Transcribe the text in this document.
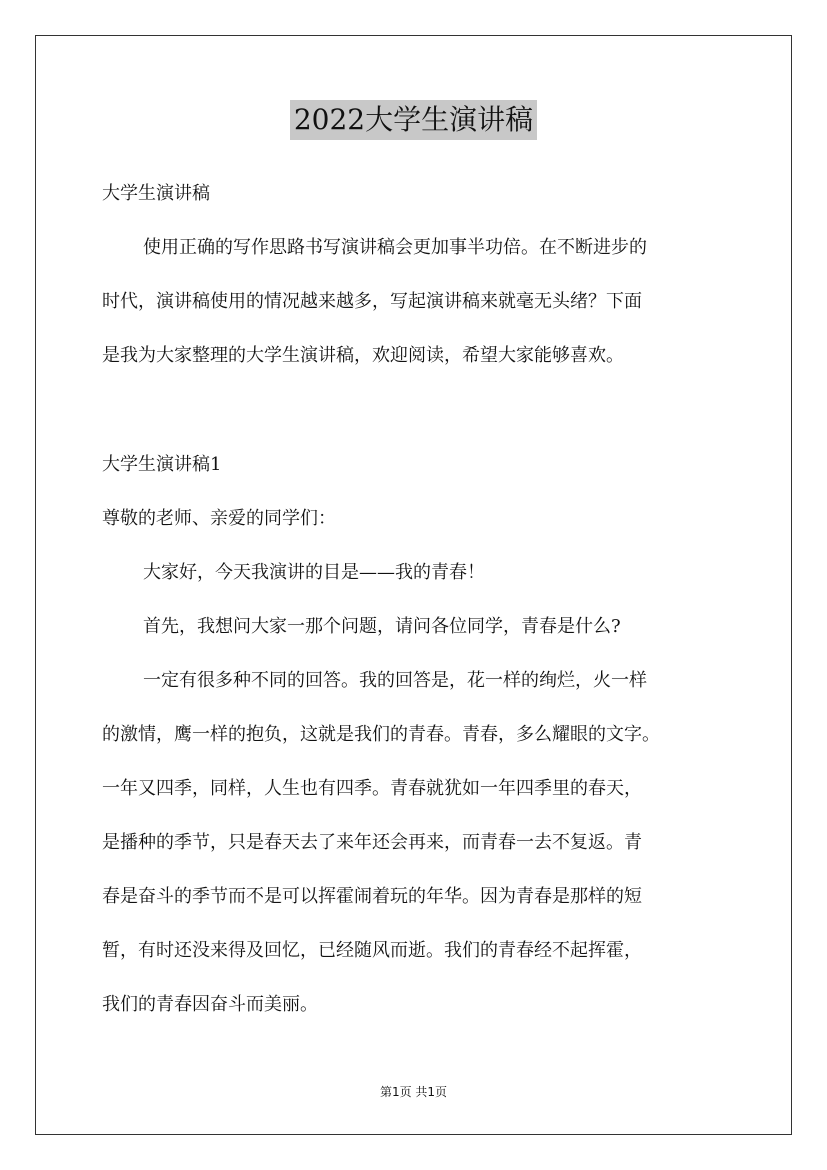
2022大学生演讲稿
大学生演讲稿
使用正确的写作思路书写演讲稿会更加事半功倍。在不断进步的
时代，演讲稿使用的情况越来越多，写起演讲稿来就毫无头绪？下面
是我为大家整理的大学生演讲稿，欢迎阅读，希望大家能够喜欢。
大学生演讲稿1
尊敬的老师、亲爱的同学们：
大家好，今天我演讲的目是——我的青春！
首先，我想问大家一那个问题，请问各位同学，青春是什么?
一定有很多种不同的回答。我的回答是，花一样的绚烂，火一样
的激情，鹰一样的抱负，这就是我们的青春。青春，多么耀眼的文字。
一年又四季，同样，人生也有四季。青春就犹如一年四季里的春天，
是播种的季节，只是春天去了来年还会再来，而青春一去不复返。青
春是奋斗的季节而不是可以挥霍闹着玩的年华。因为青春是那样的短
暂，有时还没来得及回忆，已经随风而逝。我们的青春经不起挥霍，
我们的青春因奋斗而美丽。
第1页 共1页
